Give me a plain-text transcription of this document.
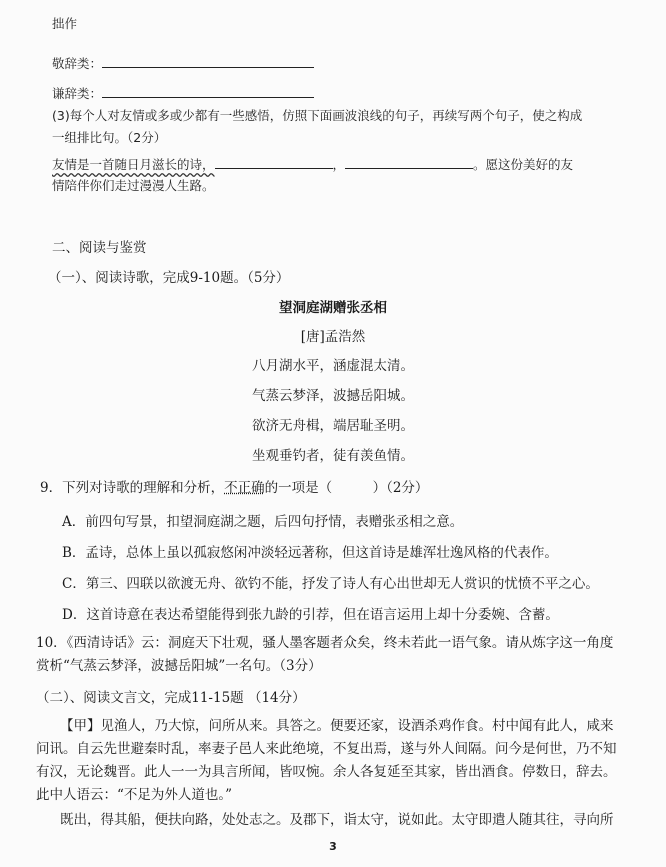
拙作
敬辞类：
谦辞类：
(3)每个人对友情或多或少都有一些感悟，仿照下面画波浪线的句子，再续写两个句子，使之构成
一组排比句。（2分）
友情是一首随日月滋长的诗，	，	。愿这份美好的友
情陪伴你们走过漫漫人生路。
二、阅读与鉴赏
（一）、阅读诗歌，完成9-10题。（5分）
望洞庭湖赠张丞相
[唐]孟浩然
八月湖水平，涵虚混太清。
气蒸云梦泽，波撼岳阳城。
欲济无舟楫，端居耻圣明。
坐观垂钓者，徒有羡鱼情。
9．下列对诗歌的理解和分析，不正确的一项是（　　　）（2分）
A．前四句写景，扣望洞庭湖之题，后四句抒情，表赠张丞相之意。
B．孟诗，总体上虽以孤寂悠闲冲淡轻远著称，但这首诗是雄浑壮逸风格的代表作。
C．第三、四联以欲渡无舟、欲钓不能，抒发了诗人有心出世却无人赏识的忧愤不平之心。
D．这首诗意在表达希望能得到张九龄的引荐，但在语言运用上却十分委婉、含蓄。
10．《西清诗话》云：洞庭天下壮观，骚人墨客题者众矣，终未若此一语气象。请从炼字这一角度
赏析“气蒸云梦泽，波撼岳阳城”一名句。（3分）
（二）、阅读文言文，完成11-15题 （14分）
【甲】见渔人，乃大惊，问所从来。具答之。便要还家，设酒杀鸡作食。村中闻有此人，咸来
问讯。自云先世避秦时乱，率妻子邑人来此绝境，不复出焉，遂与外人间隔。问今是何世，乃不知
有汉，无论魏晋。此人一一为具言所闻，皆叹惋。余人各复延至其家，皆出酒食。停数日，辞去。
此中人语云：“不足为外人道也。”
既出，得其船，便扶向路，处处志之。及郡下，诣太守，说如此。太守即遣人随其往，寻向所
3
